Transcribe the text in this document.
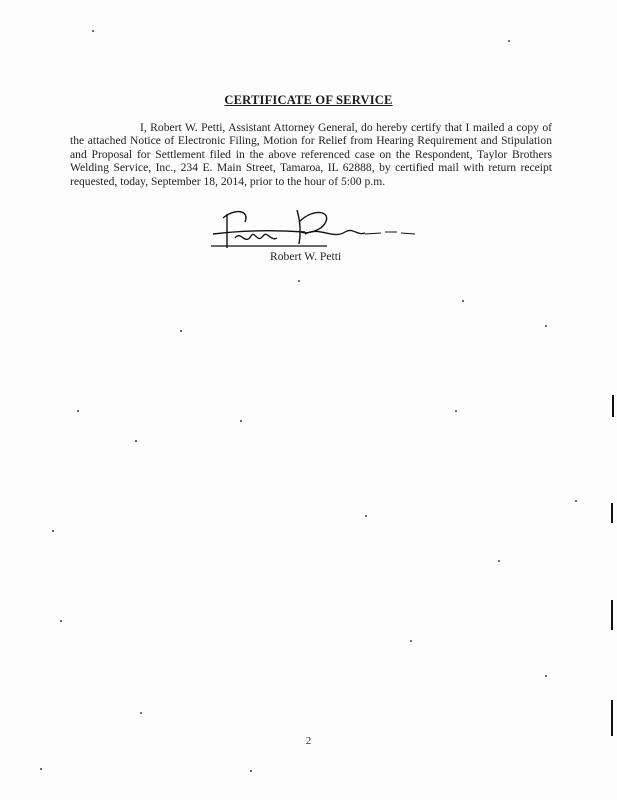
CERTIFICATE OF SERVICE
I, Robert W. Petti, Assistant Attorney General, do hereby certify that I mailed a copy of the attached Notice of Electronic Filing, Motion for Relief from Hearing Requirement and Stipulation and Proposal for Settlement filed in the above referenced case on the Respondent, Taylor Brothers Welding Service, Inc., 234 E. Main Street, Tamaroa, IL 62888, by certified mail with return receipt requested, today, September 18, 2014, prior to the hour of 5:00 p.m.
Robert W. Petti
2
